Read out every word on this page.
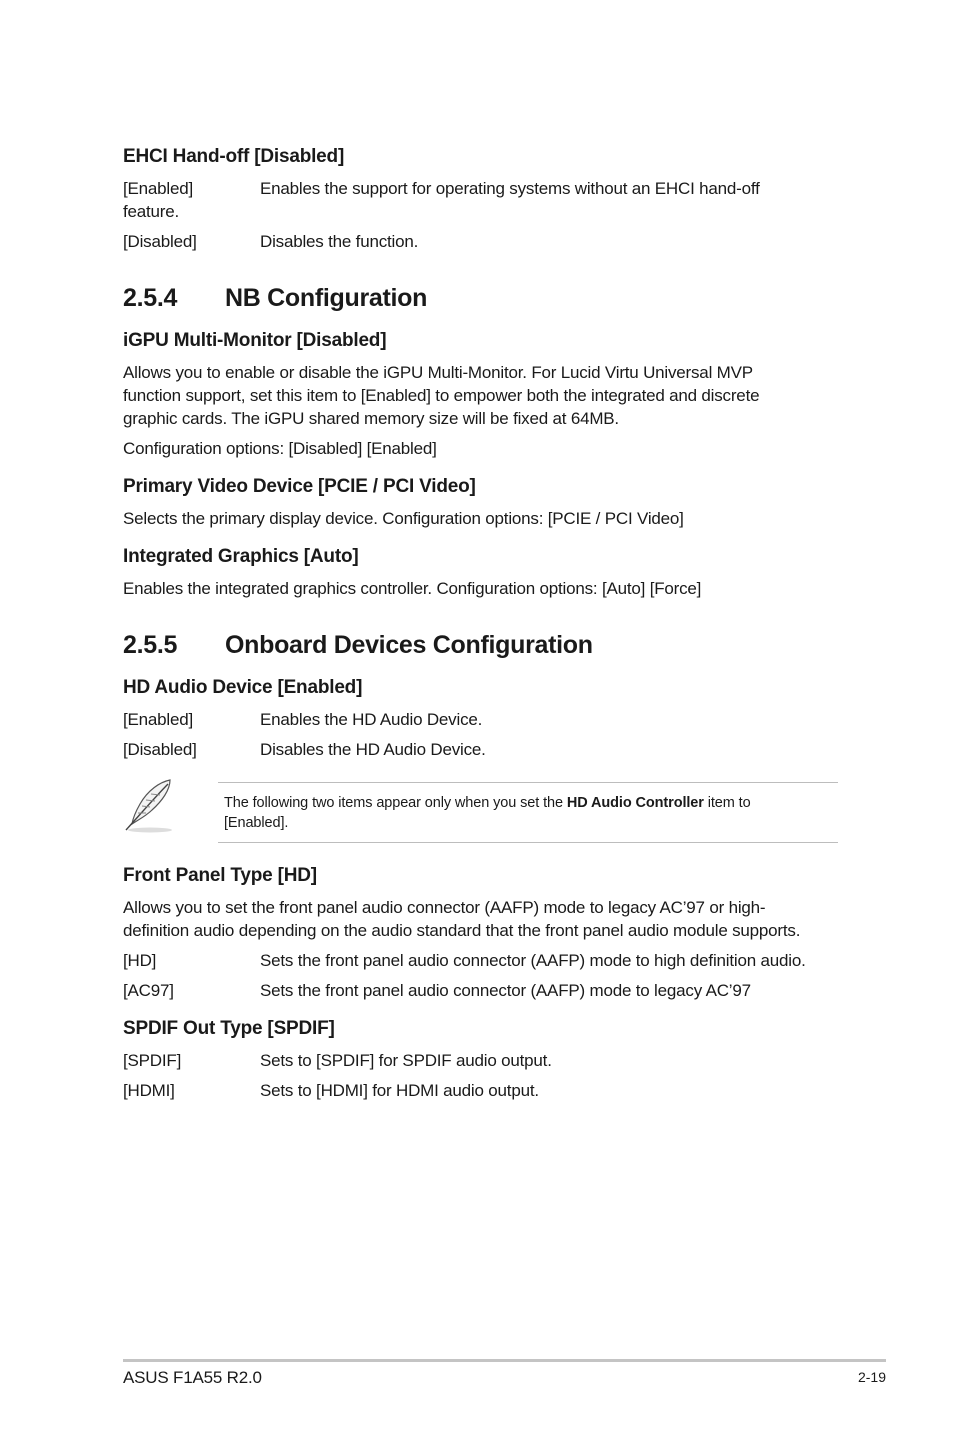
EHCI Hand-off [Disabled]
[Enabled]	Enables the support for operating systems without an EHCI hand-off
feature.
[Disabled]	Disables the function.
2.5.4 NB Configuration
iGPU Multi-Monitor [Disabled]
Allows you to enable or disable the iGPU Multi-Monitor. For Lucid Virtu Universal MVP
function support, set this item to [Enabled] to empower both the integrated and discrete
graphic cards. The iGPU shared memory size will be fixed at 64MB.
Configuration options: [Disabled] [Enabled]
Primary Video Device [PCIE / PCI Video]
Selects the primary display device. Configuration options: [PCIE / PCI Video]
Integrated Graphics [Auto]
Enables the integrated graphics controller. Configuration options: [Auto] [Force]
2.5.5 Onboard Devices Configuration
HD Audio Device [Enabled]
[Enabled]	Enables the HD Audio Device.
[Disabled]	Disables the HD Audio Device.
The following two items appear only when you set the HD Audio Controller item to
[Enabled].
Front Panel Type [HD]
Allows you to set the front panel audio connector (AAFP) mode to legacy AC’97 or high-
definition audio depending on the audio standard that the front panel audio module supports.
[HD]	Sets the front panel audio connector (AAFP) mode to high definition audio.
[AC97]	Sets the front panel audio connector (AAFP) mode to legacy AC’97
SPDIF Out Type [SPDIF]
[SPDIF]	Sets to [SPDIF] for SPDIF audio output.
[HDMI]	Sets to [HDMI] for HDMI audio output.
ASUS F1A55 R2.0	2-19
